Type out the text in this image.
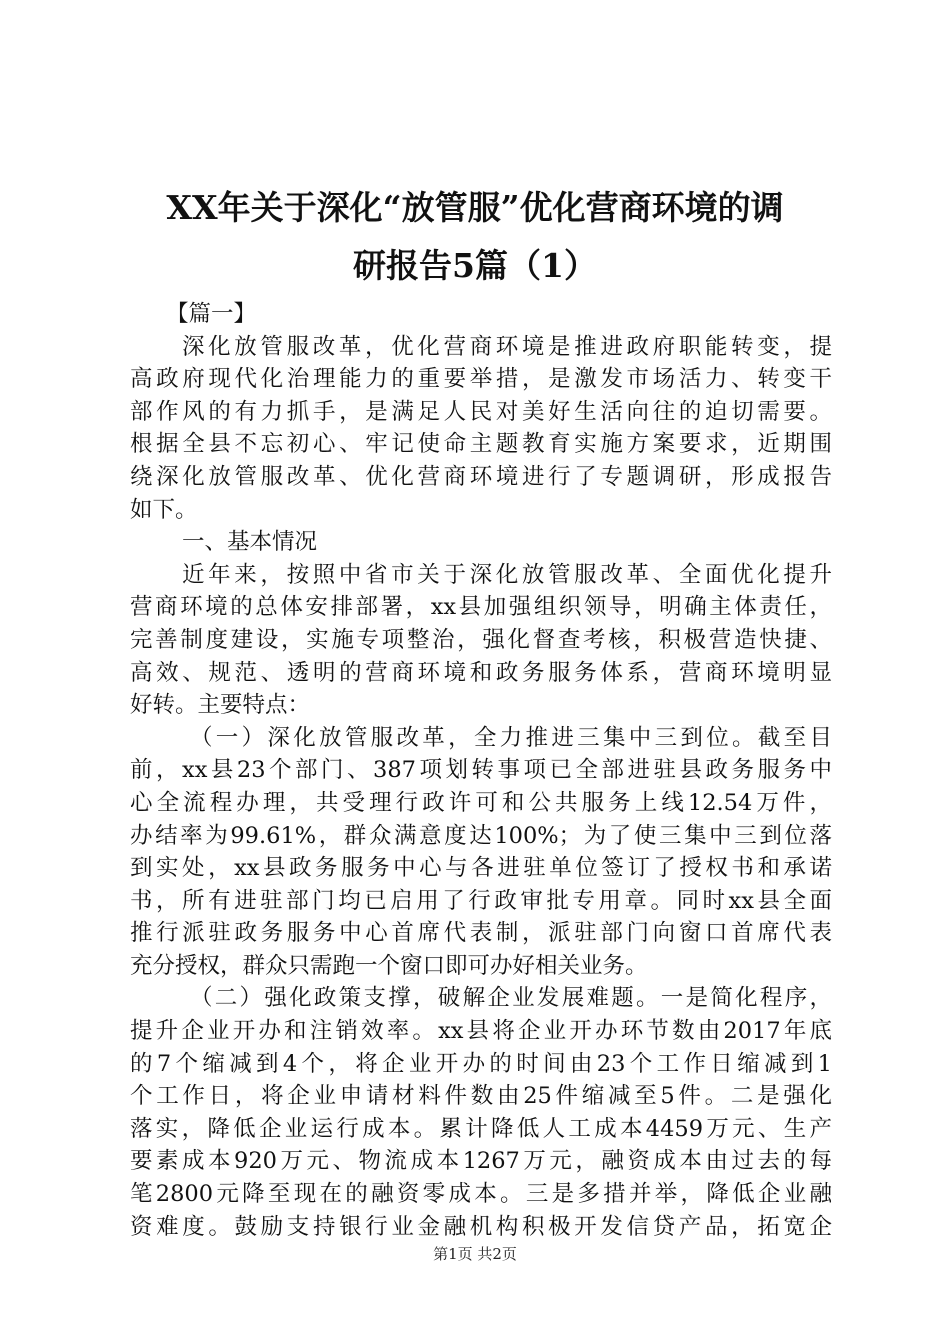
XX年关于深化“放管服”优化营商环境的调
研报告5篇（1）
【篇一】
深化放管服改革，优化营商环境是推进政府职能转变，提
高政府现代化治理能力的重要举措，是激发市场活力、转变干
部作风的有力抓手，是满足人民对美好生活向往的迫切需要。
根据全县不忘初心、牢记使命主题教育实施方案要求，近期围
绕深化放管服改革、优化营商环境进行了专题调研，形成报告
如下。
一、基本情况
近年来，按照中省市关于深化放管服改革、全面优化提升
营商环境的总体安排部署，xx县加强组织领导，明确主体责任，
完善制度建设，实施专项整治，强化督查考核，积极营造快捷、
高效、规范、透明的营商环境和政务服务体系，营商环境明显
好转。主要特点：
（一）深化放管服改革，全力推进三集中三到位。截至目
前，xx县23个部门、387项划转事项已全部进驻县政务服务中
心全流程办理，共受理行政许可和公共服务上线12.54万件，
办结率为99.61%，群众满意度达100%；为了使三集中三到位落
到实处，xx县政务服务中心与各进驻单位签订了授权书和承诺
书，所有进驻部门均已启用了行政审批专用章。同时xx县全面
推行派驻政务服务中心首席代表制，派驻部门向窗口首席代表
充分授权，群众只需跑一个窗口即可办好相关业务。
（二）强化政策支撑，破解企业发展难题。一是简化程序，
提升企业开办和注销效率。xx县将企业开办环节数由2017年底
的7个缩减到4个，将企业开办的时间由23个工作日缩减到1
个工作日，将企业申请材料件数由25件缩减至5件。二是强化
落实，降低企业运行成本。累计降低人工成本4459万元、生产
要素成本920万元、物流成本1267万元，融资成本由过去的每
笔2800元降至现在的融资零成本。三是多措并举，降低企业融
资难度。鼓励支持银行业金融机构积极开发信贷产品，拓宽企
第1页 共2页
